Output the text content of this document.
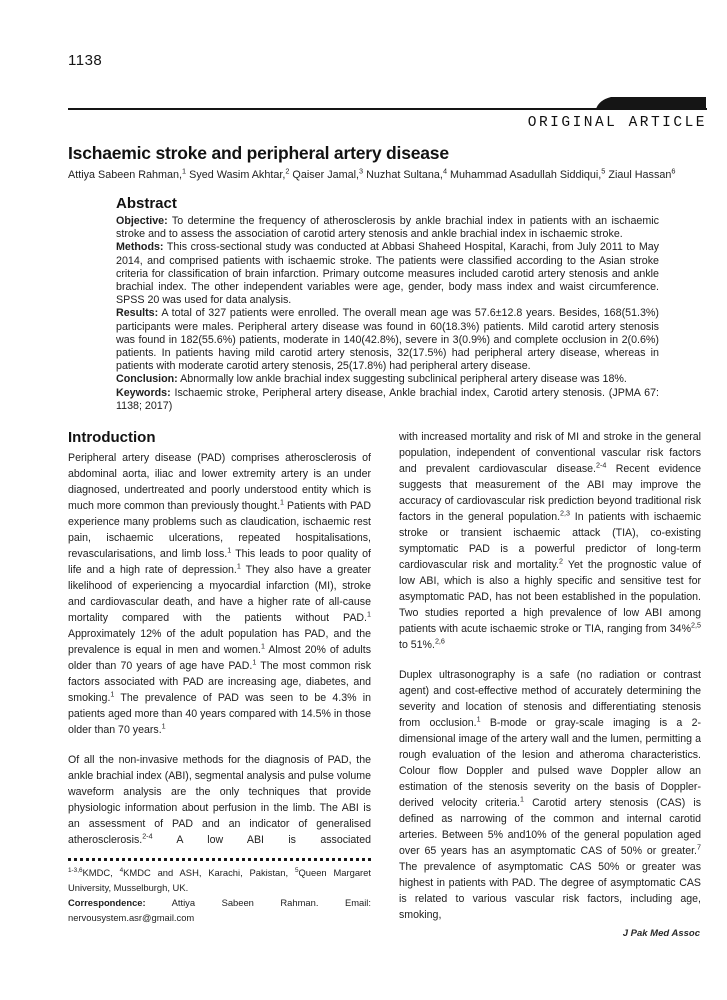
1138
ORIGINAL ARTICLE
Ischaemic stroke and peripheral artery disease
Attiya Sabeen Rahman,$^1$ Syed Wasim Akhtar,$^2$ Qaiser Jamal,$^3$ Nuzhat Sultana,$^4$ Muhammad Asadullah Siddiqui,$^5$ Ziaul Hassan$^6$
Abstract

Objective: To determine the frequency of atherosclerosis by ankle brachial index in patients with an ischaemic stroke and to assess the association of carotid artery stenosis and ankle brachial index in ischaemic stroke.

Methods: This cross-sectional study was conducted at Abbasi Shaheed Hospital, Karachi, from July 2011 to May 2014, and comprised patients with ischaemic stroke. The patients were classified according to the Asian stroke criteria for classification of brain infarction. Primary outcome measures included carotid artery stenosis and ankle brachial index. The other independent variables were age, gender, body mass index and waist circumference. SPSS 20 was used for data analysis.

Results: A total of 327 patients were enrolled. The overall mean age was 57.6±12.8 years. Besides, 168(51.3%) participants were males. Peripheral artery disease was found in 60(18.3%) patients. Mild carotid artery stenosis was found in 182(55.6%) patients, moderate in 140(42.8%), severe in 3(0.9%) and complete occlusion in 2(0.6%) patients. In patients having mild carotid artery stenosis, 32(17.5%) had peripheral artery disease, whereas in patients with moderate carotid artery stenosis, 25(17.8%) had peripheral artery disease.

Conclusion: Abnormally low ankle brachial index suggesting subclinical peripheral artery disease was 18%.

Keywords: Ischaemic stroke, Peripheral artery disease, Ankle brachial index, Carotid artery stenosis. (JPMA 67: 1138; 2017)

Introduction

Peripheral artery disease (PAD) comprises atherosclerosis of abdominal aorta, iliac and lower extremity artery is an under diagnosed, undertreated and poorly understood entity which is much more common than previously thought.$^1$ Patients with PAD experience many problems such as claudication, ischaemic rest pain, ischaemic ulcerations, repeated hospitalisations, revascularisations, and limb loss.$^1$ This leads to poor quality of life and a high rate of depression.$^1$ They also have a greater likelihood of experiencing a myocardial infarction (MI), stroke and cardiovascular death, and have a higher rate of all-cause mortality compared with the patients without PAD.$^1$ Approximately 12% of the adult population has PAD, and the prevalence is equal in men and women.$^1$ Almost 20% of adults older than 70 years of age have PAD.$^1$ The most common risk factors associated with PAD are increasing age, diabetes, and smoking.$^1$ The prevalence of PAD was seen to be 4.3% in patients aged more than 40 years compared with 14.5% in those older than 70 years.$^1$

Of all the non-invasive methods for the diagnosis of PAD, the ankle brachial index (ABI), segmental analysis and pulse volume waveform analysis are the only techniques that provide physiologic information about perfusion in the limb. The ABI is an assessment of PAD and an indicator of generalised atherosclerosis.$^{2-4}$ A low ABI is associated

$^{1-3,6}$KMDC, $^4$KMDC and ASH, Karachi, Pakistan, $^5$Queen Margaret University, Musselburgh, UK.

Correspondence: Attiya Sabeen Rahman. Email: nervousystem.asr@gmail.com

with increased mortality and risk of MI and stroke in the general population, independent of conventional vascular risk factors and prevalent cardiovascular disease.$^{2-4}$ Recent evidence suggests that measurement of the ABI may improve the accuracy of cardiovascular risk prediction beyond traditional risk factors in the general population.$^{2,3}$ In patients with ischaemic stroke or transient ischaemic attack (TIA), co-existing symptomatic PAD is a powerful predictor of long-term cardiovascular risk and mortality.$^2$ Yet the prognostic value of low ABI, which is also a highly specific and sensitive test for asymptomatic PAD, has not been established in the population. Two studies reported a high prevalence of low ABI among patients with acute ischaemic stroke or TIA, ranging from 34%$^{2,5}$ to 51%.$^{2,6}$

Duplex ultrasonography is a safe (no radiation or contrast agent) and cost-effective method of accurately determining the severity and location of stenosis and differentiating stenosis from occlusion.$^1$ B-mode or gray-scale imaging is a 2-dimensional image of the artery wall and the lumen, permitting a rough evaluation of the lesion and atheroma characteristics. Colour flow Doppler and pulsed wave Doppler allow an estimation of the stenosis severity on the basis of Doppler-derived velocity criteria.$^1$ Carotid artery stenosis (CAS) is defined as narrowing of the common and internal carotid arteries. Between 5% and10% of the general population aged over 65 years has an asymptomatic CAS of 50% or greater.$^7$ The prevalence of asymptomatic CAS 50% or greater was highest in patients with PAD. The degree of asymptomatic CAS is related to various vascular risk factors, including age, smoking,

J Pak Med Assoc
